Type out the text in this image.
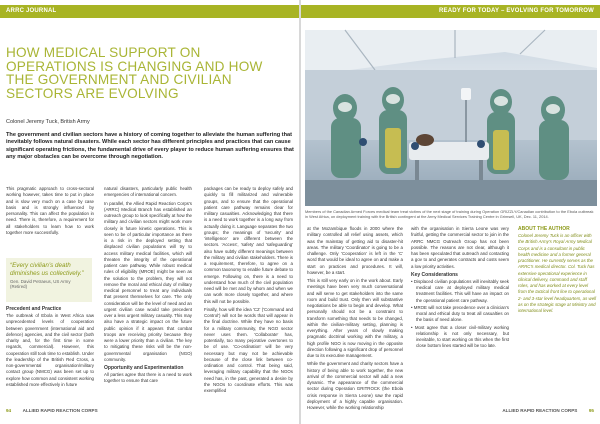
ARRC JOURNAL
HOW MEDICAL SUPPORT ON OPERATIONS IS CHANGING AND HOW THE GOVERNMENT AND CIVILIAN SECTORS ARE EVOLVING
Colonel Jeremy Tuck, British Army
The government and civilian sectors have a history of coming together to alleviate the human suffering that inevitably follows natural disasters. While each sector has different principles and practices that can cause significant operating frictions, the fundamental drive of every player to reduce human suffering ensures that any major obstacles can be overcome through negotiation.

This pragmatic approach to cross-sectoral working however, takes time to put in place and is slow very much on a case by case basis and is strongly influenced by personality. This can affect the population in need. There is, therefore, a requirement for all stakeholders to learn how to work together more successfully.

“Every civilian’s death diminishes us collectively.”
Gen. David Petraeus, US Army (Retired)
Precedent and Practice

The outbreak of Ebola in West Africa saw unprecedented levels of cooperation between government (international aid and defence) agencies, and the civil sector (both charity and, for the first time in some regards, commercial). However, this cooperation still took time to establish. Under the leadership of the British Red Cross, a non-governmental organisation/military contact group (NMCG) was been set up to explore how common and consistent working established more effectively in future

natural disasters, particularly public health emergencies of international concern.

In parallel, the Allied Rapid Reaction Corps's (ARRC) Medical Branch has established an outreach group to look specifically at how the military and civilian sectors might work more closely in future kinetic operations. This is seen to be of particular importance as there is a risk in the deployed setting that displaced civilian populations will try to access military medical facilities, which will threaten the integrity of the operational patient care pathway. While robust medical rules of eligibility (MROE) might be seen as the solution to the problem, they will not remove the moral and ethical duty of military medical personnel to treat any individuals that present themselves for care. The only consideration will be the level of need and an urgent civilian case would take precedent over a less urgent military casualty. This may also have a strategic impact on the future public opinion if it appears that combat troops are receiving priority because they were a lower priority than a civilian. The key to mitigating these risks will be the non-governmental organisation (NGO) community.

Opportunity and Experimentation

All parties agree that there is a need to work together to ensure that care

packages can be ready to deploy safely and quickly to fill militarized and vulnerable groups, and to ensure that the operational patient care pathway remains clear for military casualties. Acknowledging that there is a need to work together is a long way from actually doing it. Language separates the two groups; the meanings of 'security' and 'intelligence' are different between the sectors. 'Access', 'safety' and 'safeguarding' also have subtly different meanings between the military and civilian stakeholders. There is a requirement, therefore, to agree on a common taxonomy to enable future debate to emerge. Following on, there is a need to understand how much of the civil population need will be met and by whom and when we can work more closely together, and where this will not be possible.

Finally, how will the idea 'C2' ('Command and Control') will not be words that will appear in the final doctrine. While they have no basis for a military community, the NGO sector never uses them. 'Collaborate' has, potentially, too many pejorative overtones to be of use. 'Co-ordination' will be very necessary but may not be achievable because of the close link between co-ordination and control. That being said, leveraging military capability that the NGOs need has, in the past, generated a desire by the NGOs to coordinate efforts. This was exemplified

94	ALLIED RAPID REACTION CORPS
READY FOR TODAY – EVOLVING FOR TOMORROW
Members of the Canadian Armed Forces medical team treat victims of the next stage of training during Operation GRIZZLY/Canadian contribution to the Ebola outbreak in West Africa, on deployment training with the British contingent at the Army Medical Services Training Centre in Grimsell, UK, Dec. 11, 2014.

at the Mozambique floods in 2000 where the military controlled all relief using assets, which was the mainstay of getting aid to disaster-hit areas. The military 'Coordinator' is going to be a challenge. Only 'Cooperation' is left in the 'C' word that would be ideal to agree on and make a start on practices and procedures. It will, however, be a start.

This is still very early on in the work about. Early meetings have been very much conversational and will serve to get stakeholders into the same room and build trust. Only then will substantive negotiations be able to begin and develop. What personally should not be a constraint to transform something that needs to be changed, within the civilian-military setting, planning is everything. After years of slowly making pragmatic doctrinal working with the military, a high profile NGO is now moving in the opposite direction following a significant drop of personnel due to its executive management.

While the government and charity sectors have a history of being able to work together, the new arrival of the commercial sector will add a new dynamic. The appearance of the commercial sector during Operation GRITROCK (the Ebola crisis response in Sierra Leone) saw the rapid deployment of a highly capable organisation. However, while the working relationship

with the organisation in Sierra Leone was very fruitful, getting the commercial sector to join in the ARRC NMCG Outreach Group has not been possible. The reasons are not clear, although it has been speculated that outreach and contacting a gov to and generates contracts and costs seem a low priority activities.

Key Considerations
• Displaced civilian populations will inevitably seek medical care at deployed military medical treatment facilities. This will have an impact on the operational patient care pathway.
• MROE will not take precedence over a clinician's moral and ethical duty to treat all casualties on the basis of need alone.
• Most agree that a closer civil-military working relationship is not only necessary, but inevitable, to start working on this when the first close bottom lines started will be too late.
ABOUT THE AUTHOR
Colonel Jeremy Tuck is an officer with the British Army's Royal Army Medical Corps and is a consultant in public health medicine and a former general practitioner. He currently serves as the ARRC's medical director. Col. Tuck has extensive operational experience in clinical delivery, command and staff roles, and has worked at every level from the tactical front line to operational 2- and 3-star level headquarters, as well as on the strategic stage at Ministry and international level.
ALLIED RAPID REACTION CORPS	95
